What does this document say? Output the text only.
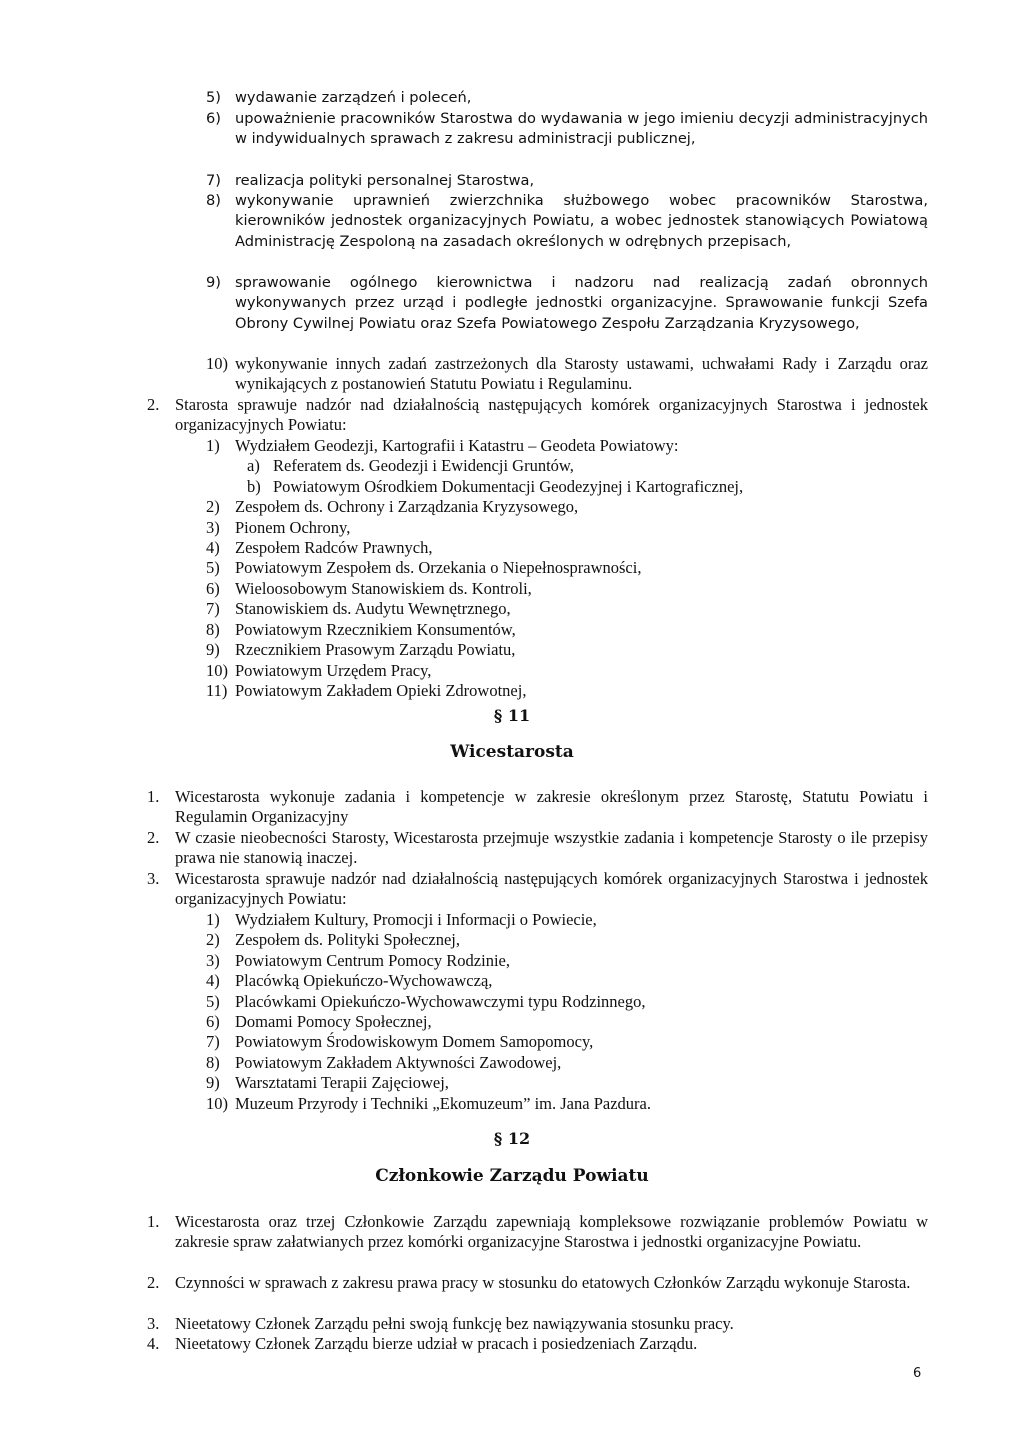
5) wydawanie zarządzeń i poleceń,
6) upoważnienie pracowników Starostwa do wydawania w jego imieniu decyzji administracyjnych w indywidualnych sprawach z zakresu administracji publicznej,
7) realizacja polityki personalnej Starostwa,
8) wykonywanie uprawnień zwierzchnika służbowego wobec pracowników Starostwa, kierowników jednostek organizacyjnych Powiatu, a wobec jednostek stanowiących Powiatową Administrację Zespoloną na zasadach określonych w odrębnych przepisach,
9) sprawowanie ogólnego kierownictwa i nadzoru nad realizacją zadań obronnych wykonywanych przez urząd i podległe jednostki organizacyjne. Sprawowanie funkcji Szefa Obrony Cywilnej Powiatu oraz Szefa Powiatowego Zespołu Zarządzania Kryzysowego,
10) wykonywanie innych zadań zastrzeżonych dla Starosty ustawami, uchwałami Rady i Zarządu oraz wynikających z postanowień Statutu Powiatu i Regulaminu.
2. Starosta sprawuje nadzór nad działalnością następujących komórek organizacyjnych Starostwa i jednostek organizacyjnych Powiatu:
1) Wydziałem Geodezji, Kartografii i Katastru – Geodeta Powiatowy:
a) Referatem ds. Geodezji i Ewidencji Gruntów,
b) Powiatowym Ośrodkiem Dokumentacji Geodezyjnej i Kartograficznej,
2) Zespołem ds. Ochrony i Zarządzania Kryzysowego,
3) Pionem Ochrony,
4) Zespołem Radców Prawnych,
5) Powiatowym Zespołem ds. Orzekania o Niepełnosprawności,
6) Wieloosobowym Stanowiskiem ds. Kontroli,
7) Stanowiskiem ds. Audytu Wewnętrznego,
8) Powiatowym Rzecznikiem Konsumentów,
9) Rzecznikiem Prasowym Zarządu Powiatu,
10) Powiatowym Urzędem Pracy,
11) Powiatowym Zakładem Opieki Zdrowotnej,
§ 11
Wicestarosta
1. Wicestarosta wykonuje zadania i kompetencje w zakresie określonym przez Starostę, Statutu Powiatu i Regulamin Organizacyjny
2. W czasie nieobecności Starosty, Wicestarosta przejmuje wszystkie zadania i kompetencje Starosty o ile przepisy prawa nie stanowią inaczej.
3. Wicestarosta sprawuje nadzór nad działalnością następujących komórek organizacyjnych Starostwa i jednostek organizacyjnych Powiatu:
1) Wydziałem Kultury, Promocji i Informacji o Powiecie,
2) Zespołem ds. Polityki Społecznej,
3) Powiatowym Centrum Pomocy Rodzinie,
4) Placówką Opiekuńczo-Wychowawczą,
5) Placówkami Opiekuńczo-Wychowawczymi typu Rodzinnego,
6) Domami Pomocy Społecznej,
7) Powiatowym Środowiskowym Domem Samopomocy,
8) Powiatowym Zakładem Aktywności Zawodowej,
9) Warsztatami Terapii Zajęciowej,
10) Muzeum Przyrody i Techniki „Ekomuzeum” im. Jana Pazdura.
§ 12
Członkowie Zarządu Powiatu
1. Wicestarosta oraz trzej Członkowie Zarządu zapewniają kompleksowe rozwiązanie problemów Powiatu w zakresie spraw załatwianych przez komórki organizacyjne Starostwa i jednostki organizacyjne Powiatu.
2. Czynności w sprawach z zakresu prawa pracy w stosunku do etatowych Członków Zarządu wykonuje Starosta.
3. Nieetatowy Członek Zarządu pełni swoją funkcję bez nawiązywania stosunku pracy.
4. Nieetatowy Członek Zarządu bierze udział w pracach i posiedzeniach Zarządu.
6
